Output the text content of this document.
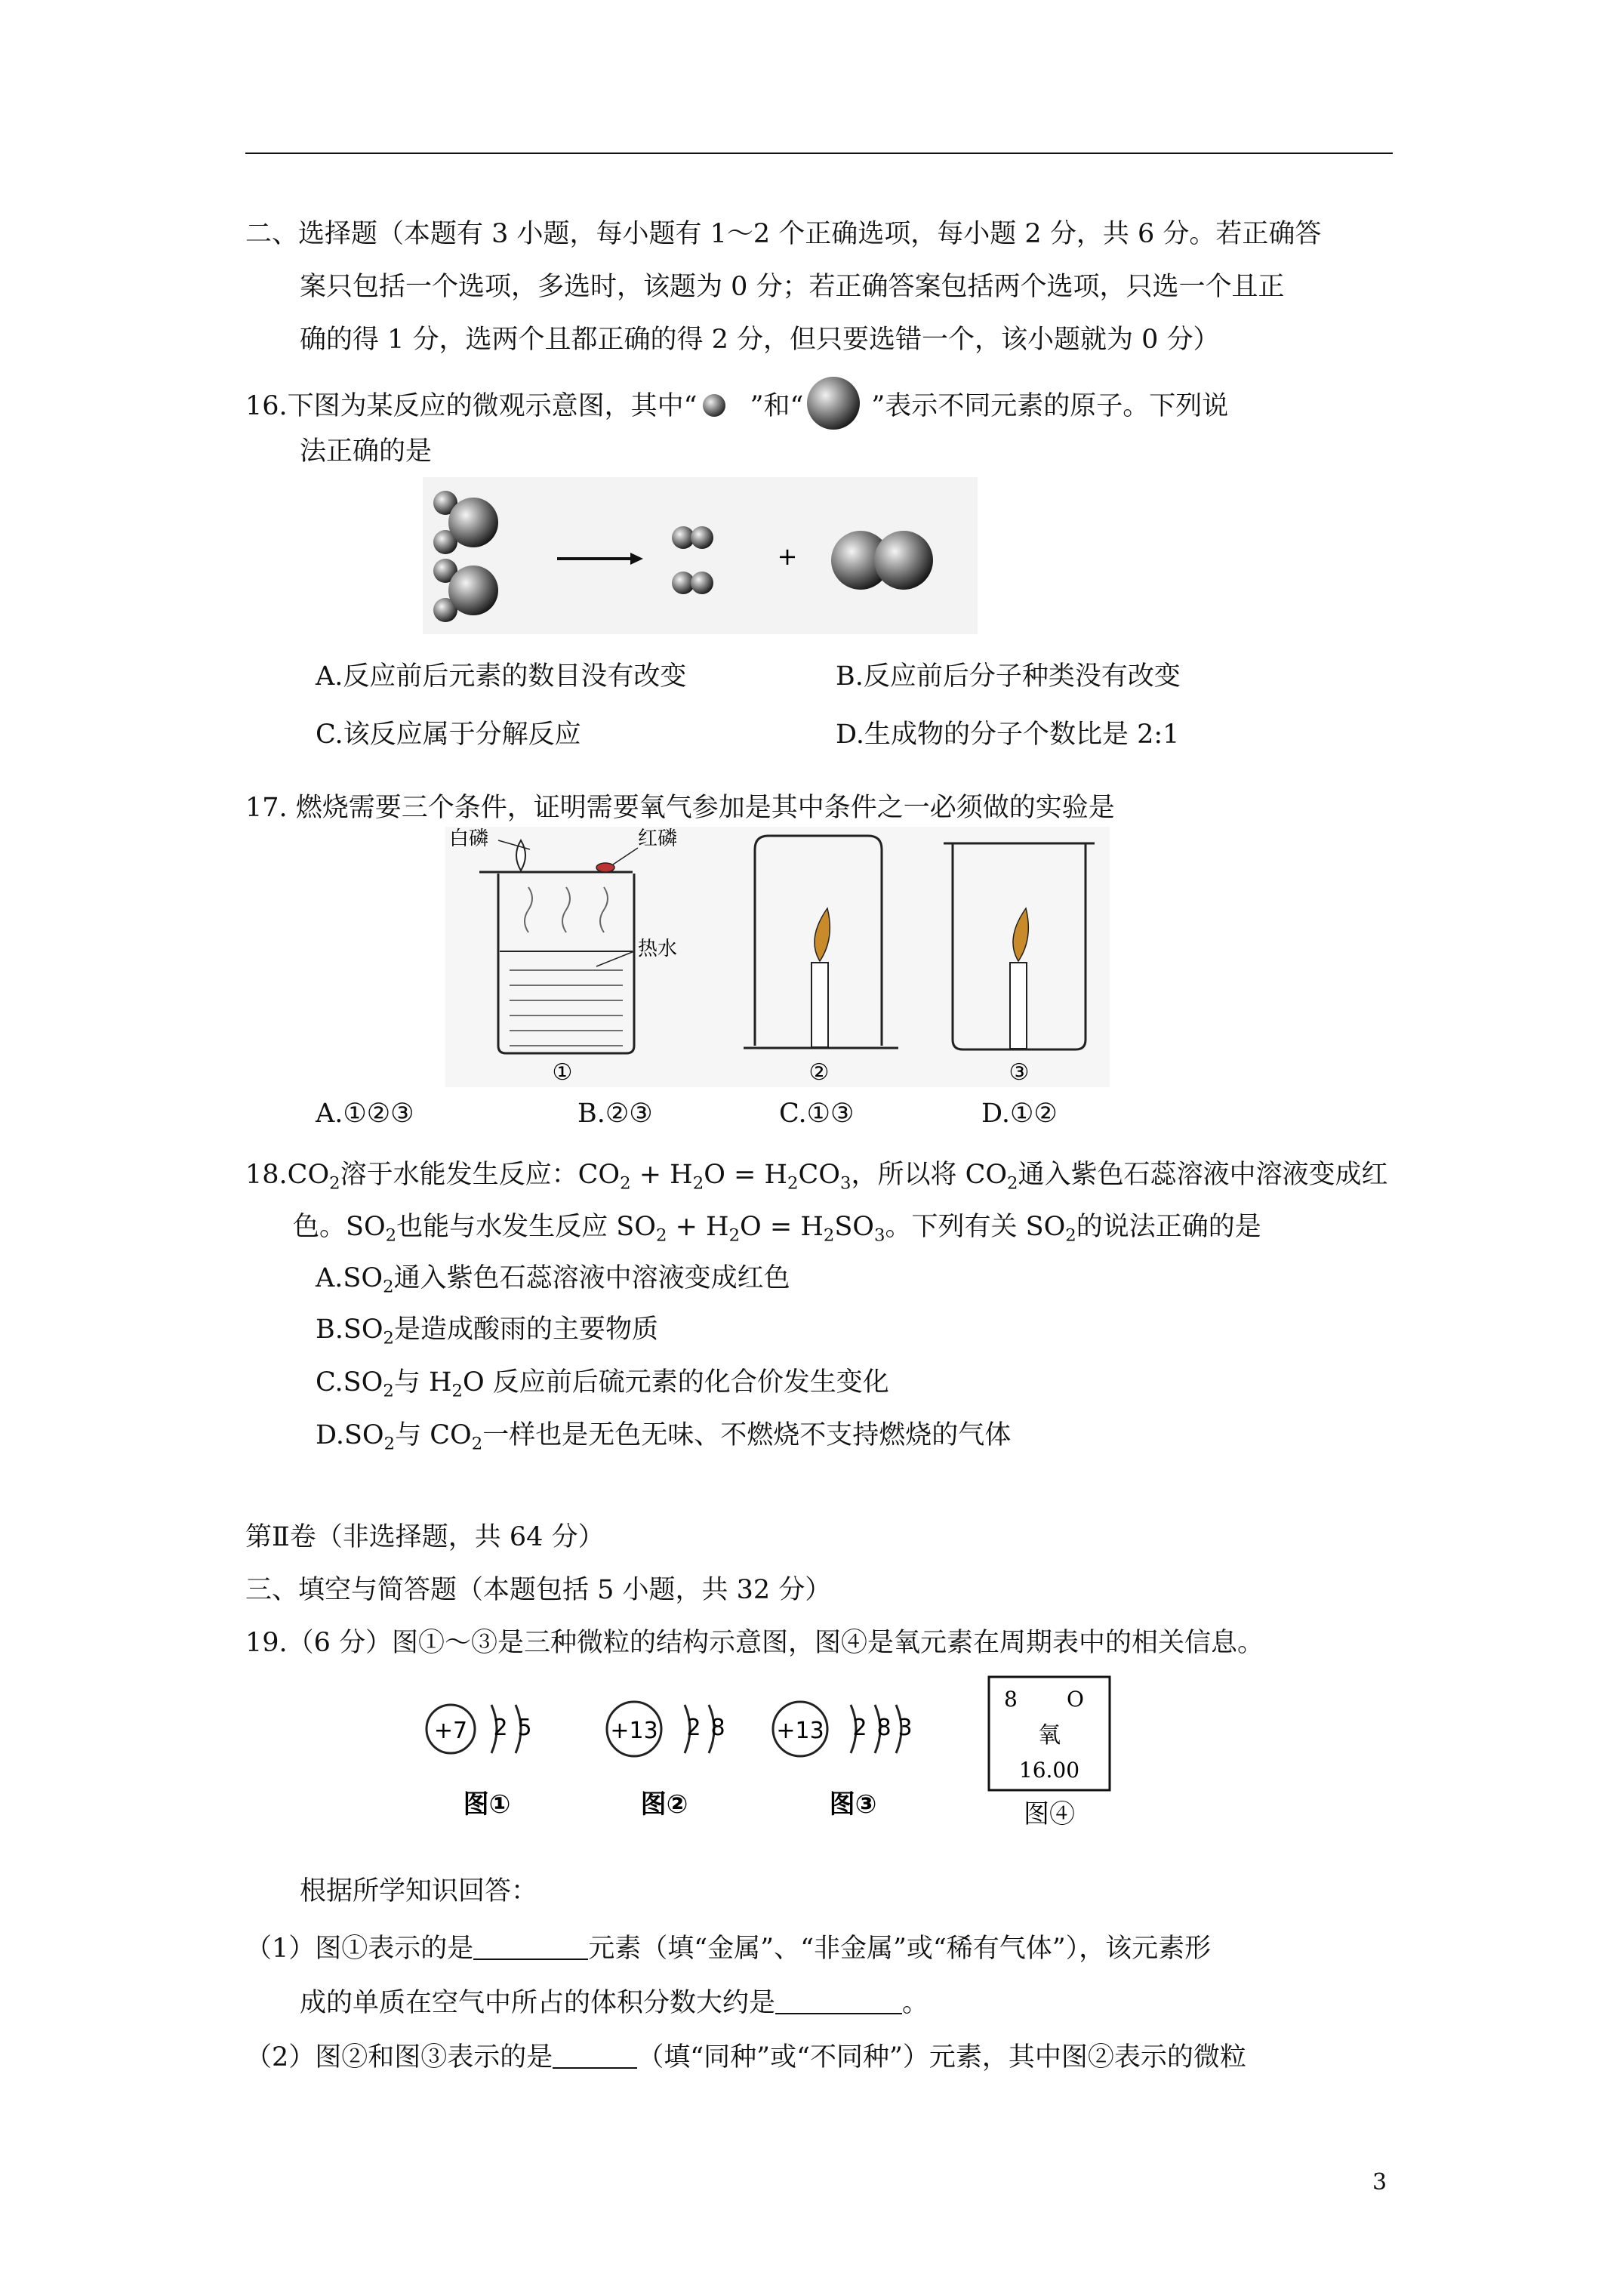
二、选择题（本题有 3 小题，每小题有 1～2 个正确选项，每小题 2 分，共 6 分。若正确答
案只包括一个选项，多选时，该题为 0 分；若正确答案包括两个选项，只选一个且正
确的得 1 分，选两个且都正确的得 2 分，但只要选错一个，该小题就为 0 分）
16.下图为某反应的微观示意图，其中“ ”和“	”表示不同元素的原子。下列说
法正确的是
+
A.反应前后元素的数目没有改变	B.反应前后分子种类没有改变
C.该反应属于分解反应	D.生成物的分子个数比是 2:1
17. 燃烧需要三个条件，证明需要氧气参加是其中条件之一必须做的实验是
白磷	红磷
热水
①	②	③
A.①②③	B.②③	C.①③	D.①②
$18.CO_2$溶于水能发生反应：$CO_2 + H_2O = H_2CO_3$，所以将 $CO_2$通入紫色石蕊溶液中溶液变成红
色。$SO_2$也能与水发生反应 $SO_2 + H_2O = H_2SO_3$。下列有关 $SO_2$的说法正确的是
$A.SO_2$通入紫色石蕊溶液中溶液变成红色
$B.SO_2$是造成酸雨的主要物质
$C.SO_2$与 $H_2O$ 反应前后硫元素的化合价发生变化
$D.SO_2$与 $CO_2$一样也是无色无味、不燃烧不支持燃烧的气体
第Ⅱ卷（非选择题，共 64 分）
三、填空与简答题（本题包括 5 小题，共 32 分）
19.（6 分）图①～③是三种微粒的结构示意图，图④是氧元素在周期表中的相关信息。
+7 2 5
图①
+13 2 8
图②
+13 2 8 3
图③
8 O
氧
16.00
图④
根据所学知识回答：
（1）图①表示的是	元素（填“金属”、“非金属”或“稀有气体”），该元素形
成的单质在空气中所占的体积分数大约是	。
（2）图②和图③表示的是	（填“同种”或“不同种”）元素，其中图②表示的微粒
3
